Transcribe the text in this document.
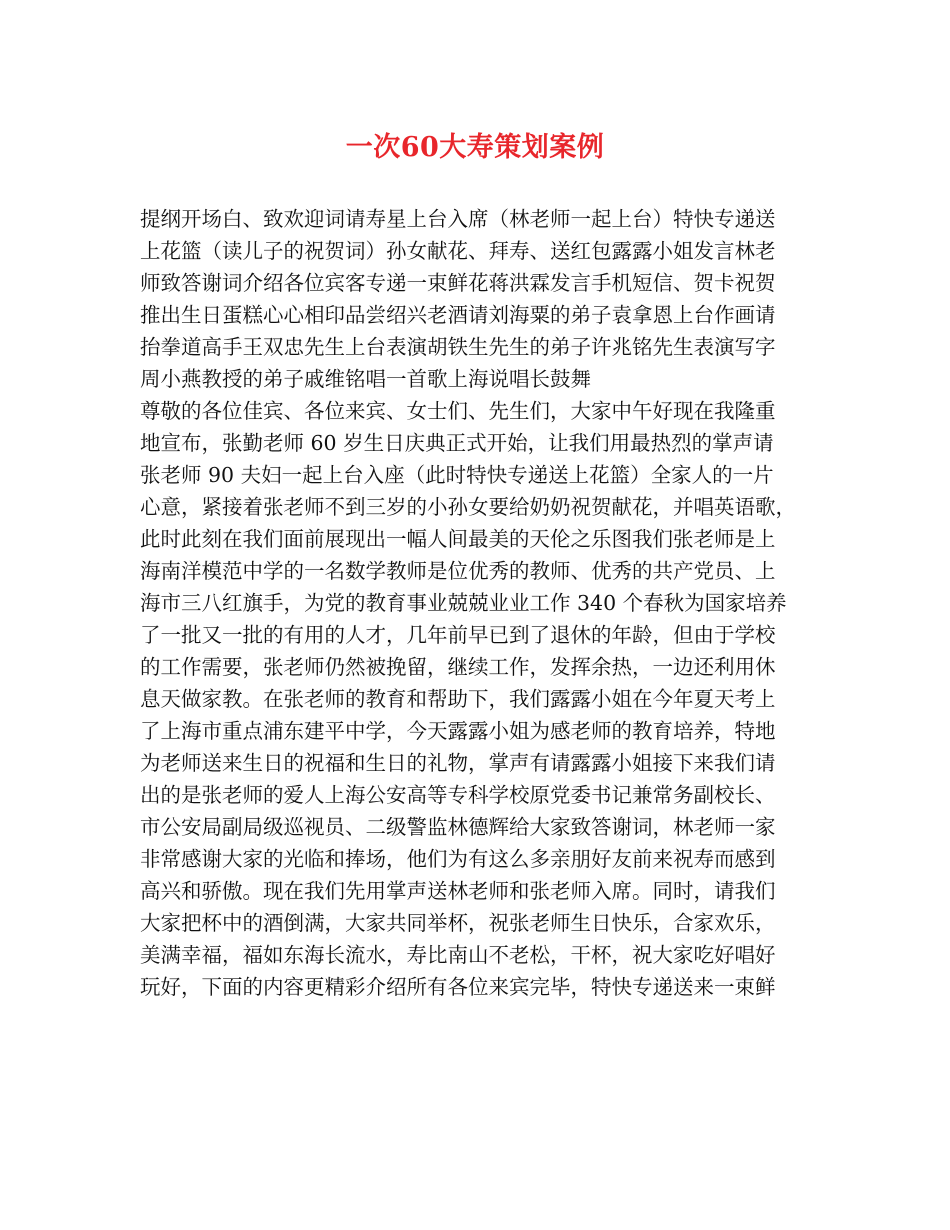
一次60大寿策划案例
提纲开场白、致欢迎词请寿星上台入席（林老师一起上台）特快专递送
上花篮（读儿子的祝贺词）孙女献花、拜寿、送红包露露小姐发言林老
师致答谢词介绍各位宾客专递一束鲜花蒋洪霖发言手机短信、贺卡祝贺
推出生日蛋糕心心相印品尝绍兴老酒请刘海粟的弟子袁拿恩上台作画请
抬拳道高手王双忠先生上台表演胡铁生先生的弟子许兆铭先生表演写字
周小燕教授的弟子戚维铭唱一首歌上海说唱长鼓舞
尊敬的各位佳宾、各位来宾、女士们、先生们，大家中午好现在我隆重
地宣布，张勤老师 60 岁生日庆典正式开始，让我们用最热烈的掌声请
张老师 90 夫妇一起上台入座（此时特快专递送上花篮）全家人的一片
心意，紧接着张老师不到三岁的小孙女要给奶奶祝贺献花，并唱英语歌，
此时此刻在我们面前展现出一幅人间最美的天伦之乐图我们张老师是上
海南洋模范中学的一名数学教师是位优秀的教师、优秀的共产党员、上
海市三八红旗手，为党的教育事业兢兢业业工作 340 个春秋为国家培养
了一批又一批的有用的人才，几年前早已到了退休的年龄，但由于学校
的工作需要，张老师仍然被挽留，继续工作，发挥余热，一边还利用休
息天做家教。在张老师的教育和帮助下，我们露露小姐在今年夏天考上
了上海市重点浦东建平中学，今天露露小姐为感老师的教育培养，特地
为老师送来生日的祝福和生日的礼物，掌声有请露露小姐接下来我们请
出的是张老师的爱人上海公安高等专科学校原党委书记兼常务副校长、
市公安局副局级巡视员、二级警监林德辉给大家致答谢词，林老师一家
非常感谢大家的光临和捧场，他们为有这么多亲朋好友前来祝寿而感到
高兴和骄傲。现在我们先用掌声送林老师和张老师入席。同时，请我们
大家把杯中的酒倒满，大家共同举杯，祝张老师生日快乐，合家欢乐，
美满幸福，福如东海长流水，寿比南山不老松，干杯，祝大家吃好唱好
玩好，下面的内容更精彩介绍所有各位来宾完毕，特快专递送来一束鲜
